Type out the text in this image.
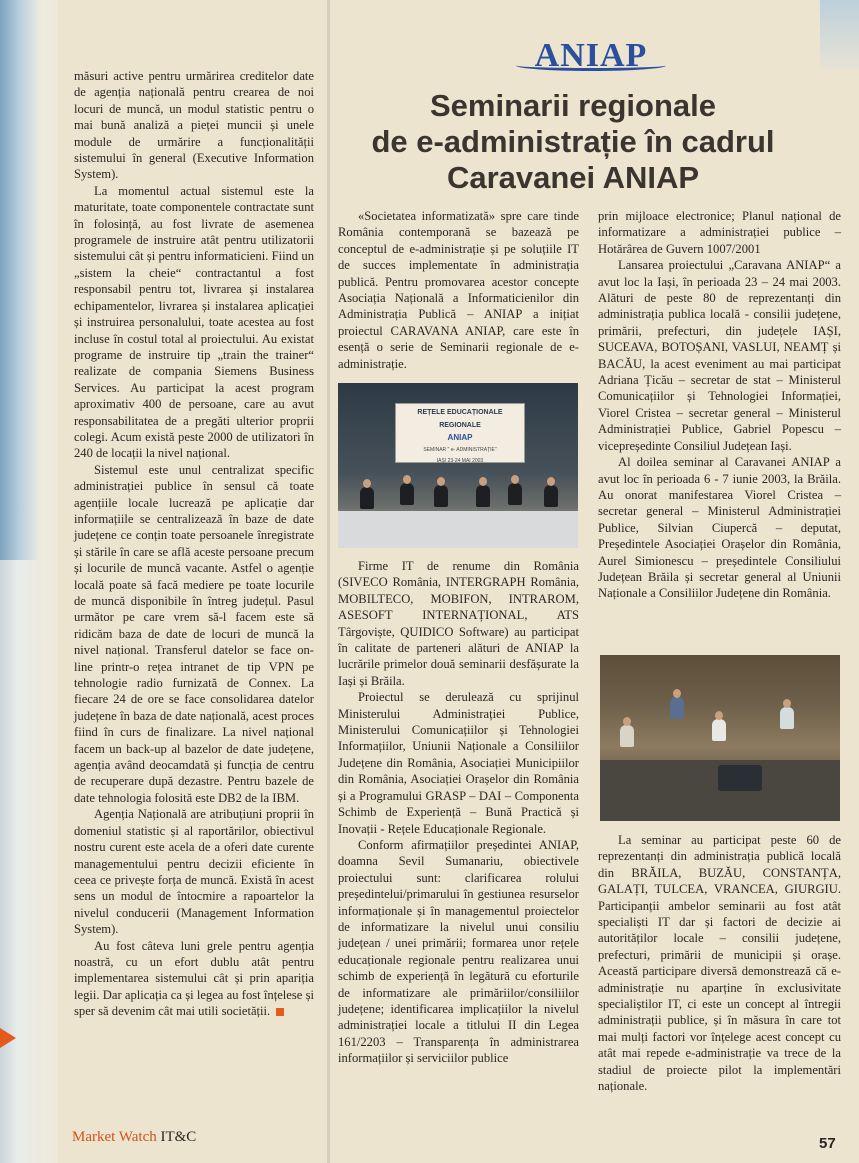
măsuri active pentru urmărirea creditelor date de agenția națională pentru crearea de noi locuri de muncă, un modul statistic pentru o mai bună analiză a pieței muncii și unele module de urmărire a funcționalității sistemului în general (Executive Information System).

La momentul actual sistemul este la maturitate, toate componentele contractate sunt în folosință, au fost livrate de asemenea programele de instruire atât pentru utilizatorii sistemului cât și pentru informaticieni. Fiind un „sistem la cheie“ contractantul a fost responsabil pentru tot, livrarea și instalarea echipamentelor, livrarea și instalarea aplicației și instruirea personalului, toate acestea au fost incluse în costul total al proiectului. Au existat programe de instruire tip „train the trainer“ realizate de compania Siemens Business Services. Au participat la acest program aproximativ 400 de persoane, care au avut responsabilitatea de a pregăti ulterior proprii colegi. Acum există peste 2000 de utilizatori în 240 de locații la nivel național.

Sistemul este unul centralizat specific administrației publice în sensul că toate agențiile locale lucrează pe aplicație dar informațiile se centralizează în baze de date județene ce conțin toate persoanele înregistrate și stările în care se află aceste persoane precum și locurile de muncă vacante. Astfel o agenție locală poate să facă mediere pe toate locurile de muncă disponibile în întreg județul. Pasul următor pe care vrem să-l facem este să ridicăm baza de date de locuri de muncă la nivel național. Transferul datelor se face on-line printr-o rețea intranet de tip VPN pe tehnologie radio furnizată de Connex. La fiecare 24 de ore se face consolidarea datelor județene în baza de date națională, acest proces fiind în curs de finalizare. La nivel național facem un back-up al bazelor de date județene, agenția având deocamdată și funcția de centru de recuperare după dezastre. Pentru bazele de date tehnologia folosită este DB2 de la IBM.

Agenția Națională are atribuțiuni proprii în domeniul statistic și al raportărilor, obiectivul nostru curent este acela de a oferi date curente managementului pentru decizii eficiente în ceea ce privește forța de muncă. Există în acest sens un modul de întocmire a rapoartelor la nivelul conducerii (Management Information System).

Au fost câteva luni grele pentru agenția noastră, cu un efort dublu atât pentru implementarea sistemului cât și prin apariția legii. Dar aplicația ca și legea au fost înțelese și sper să devenim cât mai utili societății.

Market Watch IT&C
ANIAP
Seminarii regionale
de e-administrație în cadrul
Caravanei ANIAP

«Societatea informatizată» spre care tinde România contemporană se bazează pe conceptul de e-administrație și pe soluțiile IT de succes implementate în administrația publică. Pentru promovarea acestor concepte Asociația Națională a Informaticienilor din Administrația Publică – ANIAP a inițiat proiectul CARAVANA ANIAP, care este în esență o serie de Seminarii regionale de e- administrație.

REȚELE EDUCAȚIONALE
REGIONALE
ANIAP
SEMINAR " e- ADMINISTRAȚIE"
IAȘI 23-24 MAI 2003

Firme IT de renume din România (SIVECO România, INTERGRAPH România, MOBILTECO, MOBIFON, INTRAROM, ASESOFT INTERNAȚIONAL, ATS Târgoviște, QUIDICO Software) au participat în calitate de parteneri alături de ANIAP la lucrările primelor două seminarii desfășurate la Iași și Brăila.

Proiectul se derulează cu sprijinul Ministerului Administrației Publice, Ministerului Comunicațiilor și Tehnologiei Informațiilor, Uniunii Naționale a Consiliilor Județene din România, Asociației Municipiilor din România, Asociației Orașelor din România și a Programului GRASP – DAI – Componenta Schimb de Experiență – Bună Practică și Inovații - Rețele Educaționale Regionale.

Conform afirmațiilor președintei ANIAP, doamna Sevil Sumanariu, obiectivele proiectului sunt: clarificarea rolului președintelui/primarului în gestiunea resurselor informaționale și în managementul proiectelor de informatizare la nivelul unui consiliu județean / unei primării; formarea unor rețele educaționale regionale pentru realizarea unui schimb de experiență în legătură cu eforturile de informatizare ale primăriilor/consiliilor județene; identificarea implicațiilor la nivelul administrației locale a titlului II din Legea 161/2203 – Transparența în administrarea informațiilor și serviciilor publice

prin mijloace electronice; Planul național de informatizare a administrației publice – Hotărârea de Guvern 1007/2001

Lansarea proiectului „Caravana ANIAP“ a avut loc la Iași, în perioada 23 – 24 mai 2003. Alături de peste 80 de reprezentanți din administrația publica locală - consilii județene, primării, prefecturi, din județele IAȘI, SUCEAVA, BOTOȘANI, VASLUI, NEAMȚ și BACĂU, la acest eveniment au mai participat Adriana Țicău – secretar de stat – Ministerul Comunicațiilor și Tehnologiei Informației, Viorel Cristea – secretar general – Ministerul Administrației Publice, Gabriel Popescu – vicepreședinte Consiliul Județean Iași.

Al doilea seminar al Caravanei ANIAP a avut loc în perioada 6 - 7 iunie 2003, la Brăila. Au onorat manifestarea Viorel Cristea – secretar general – Ministerul Administrației Publice, Silvian Ciupercă – deputat, Președintele Asociației Orașelor din România, Aurel Simionescu – președintele Consiliului Județean Brăila și secretar general al Uniunii Naționale a Consiliilor Județene din România.

La seminar au participat peste 60 de reprezentanți din administrația publică locală din BRĂILA, BUZĂU, CONSTANȚA, GALAȚI, TULCEA, VRANCEA, GIURGIU. Participanții ambelor seminarii au fost atât specialiști IT dar și factori de decizie ai autorităților locale – consilii județene, prefecturi, primării de municipii și orașe. Această participare diversă demonstrează că e-administrație nu aparține în exclusivitate specialiștilor IT, ci este un concept al întregii administrații publice, și în măsura în care tot mai mulți factori vor înțelege acest concept cu atât mai repede e-administrație va trece de la stadiul de proiecte pilot la implementări naționale.

57
